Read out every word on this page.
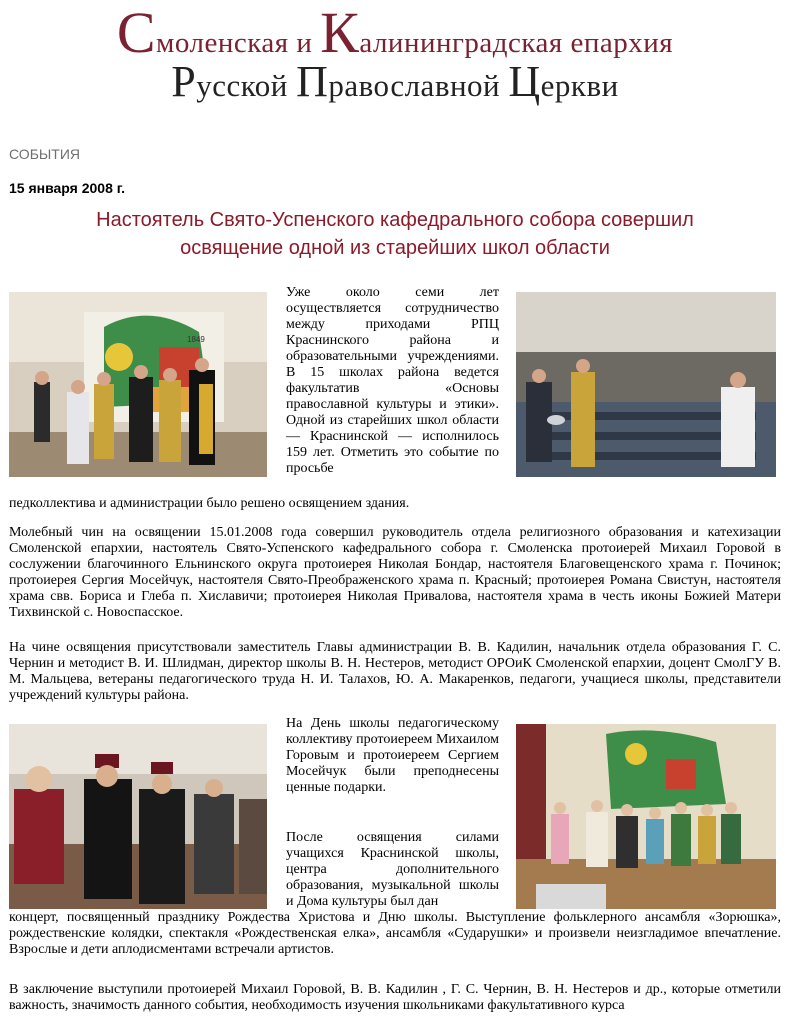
Смоленская и Калининградская епархия
Русской Православной Церкви
СОБЫТИЯ
15 января 2008 г.
Настоятель Свято-Успенского кафедрального собора совершил
освящение одной из старейших школ области
1849
Уже около семи лет осуществляется сотрудничество между приходами РПЦ Краснинского района и образовательными учреждениями. В 15 школах района ведется факультатив «Основы православной культуры и этики». Одной из старейших школ области — Краснинской — исполнилось 159 лет. Отметить это событие по просьбе
педколлектива и администрации было решено освящением здания.
Молебный чин на освящении 15.01.2008 года совершил руководитель отдела религиозного образования и катехизации Смоленской епархии, настоятель Свято-Успенского кафедрального собора г. Смоленска протоиерей Михаил Горовой в сослужении благочинного Ельнинского округа протоиерея Николая Бондар, настоятеля Благовещенского храма г. Починок; протоиерея Сергия Мосейчук, настоятеля Свято-Преображенского храма п. Красный; протоиерея Романа Свистун, настоятеля храма свв. Бориса и Глеба п. Хиславичи; протоиерея Николая Привалова, настоятеля храма в честь иконы Божией Матери Тихвинской с. Новоспасское.
На чине освящения присутствовали заместитель Главы администрации В. В. Кадилин, начальник отдела образования Г. С. Чернин и методист В. И. Шлидман, директор школы В. Н. Нестеров, методист ОРОиК Смоленской епархии, доцент СмолГУ В. М. Мальцева, ветераны педагогического труда Н. И. Талахов, Ю. А. Макаренков, педагоги, учащиеся школы, представители учреждений культуры района.
На День школы педагогическому коллективу протоиереем Михаилом Горовым и протоиереем Сергием Мосейчук были преподнесены ценные подарки.
После освящения силами учащихся Краснинской школы, центра дополнительного образования, музыкальной школы и Дома культуры был дан
концерт, посвященный празднику Рождества Христова и Дню школы. Выступление фольклерного ансамбля «Зорюшка», рождественские колядки, спектакля «Рождественская елка», ансамбля «Сударушки» и произвели неизгладимое впечатление. Взрослые и дети аплодисментами встречали артистов.
В заключение выступили протоиерей Михаил Горовой, В. В. Кадилин , Г. С. Чернин, В. Н. Нестеров и др., которые отметили важность, значимость данного события, необходимость изучения школьниками факультативного курса
